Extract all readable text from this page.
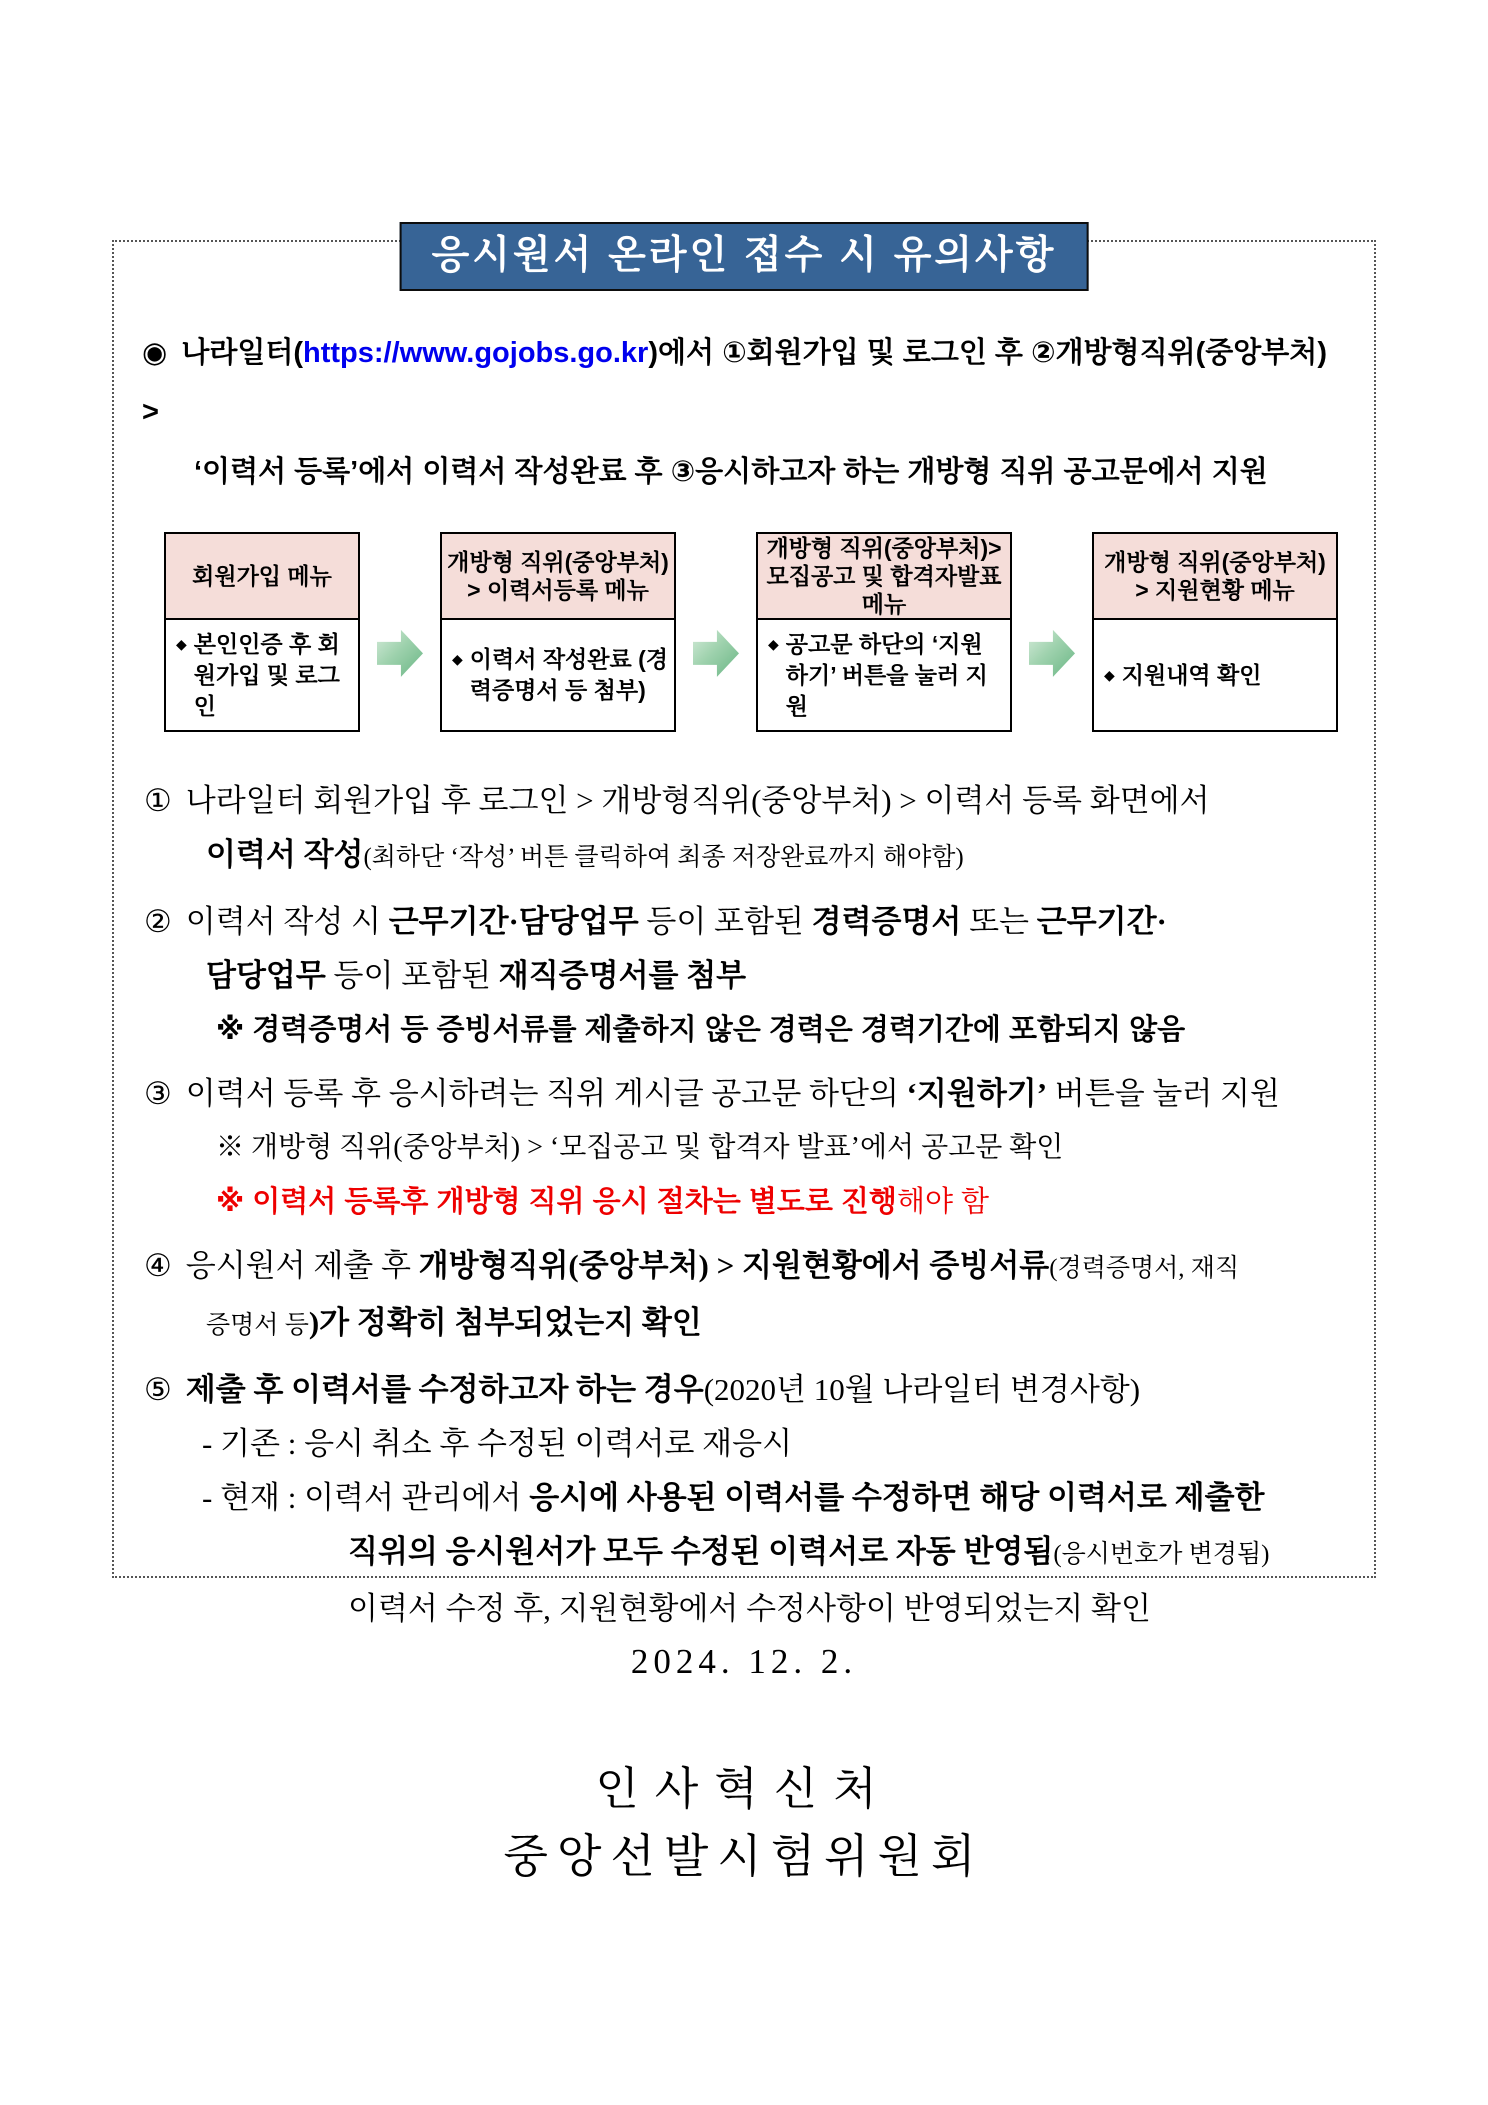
응시원서 온라인 접수 시 유의사항
◉ 나라일터(https://www.gojobs.go.kr)에서 ①회원가입 및 로그인 후 ②개방형직위(중앙부처) >
‘이력서 등록’에서 이력서 작성완료 후 ③응시하고자 하는 개방형 직위 공고문에서 지원
회원가입 메뉴
◆ 본인인증 후 회원가입 및 로그인
개방형 직위(중앙부처) > 이력서등록 메뉴
◆ 이력서 작성완료 (경력증명서 등 첨부)
개방형 직위(중앙부처)> 모집공고 및 합격자발표 메뉴
◆ 공고문 하단의 ‘지원하기’ 버튼을 눌러 지원
개방형 직위(중앙부처) > 지원현황 메뉴
◆ 지원내역 확인
① 나라일터 회원가입 후 로그인 > 개방형직위(중앙부처) > 이력서 등록 화면에서
이력서 작성(최하단 ‘작성’ 버튼 클릭하여 최종 저장완료까지 해야함)
② 이력서 작성 시 근무기간·담당업무 등이 포함된 경력증명서 또는 근무기간·
담당업무 등이 포함된 재직증명서를 첨부
※ 경력증명서 등 증빙서류를 제출하지 않은 경력은 경력기간에 포함되지 않음
③ 이력서 등록 후 응시하려는 직위 게시글 공고문 하단의 ‘지원하기’ 버튼을 눌러 지원
※ 개방형 직위(중앙부처) > ‘모집공고 및 합격자 발표’에서 공고문 확인
※ 이력서 등록후 개방형 직위 응시 절차는 별도로 진행해야 함
④ 응시원서 제출 후 개방형직위(중앙부처) > 지원현황에서 증빙서류(경력증명서, 재직
증명서 등)가 정확히 첨부되었는지 확인
⑤ 제출 후 이력서를 수정하고자 하는 경우(2020년 10월 나라일터 변경사항)
- 기존 : 응시 취소 후 수정된 이력서로 재응시
- 현재 : 이력서 관리에서 응시에 사용된 이력서를 수정하면 해당 이력서로 제출한
직위의 응시원서가 모두 수정된 이력서로 자동 반영됨(응시번호가 변경됨)
이력서 수정 후, 지원현황에서 수정사항이 반영되었는지 확인
2024. 12. 2.
인사혁신처
중앙선발시험위원회
